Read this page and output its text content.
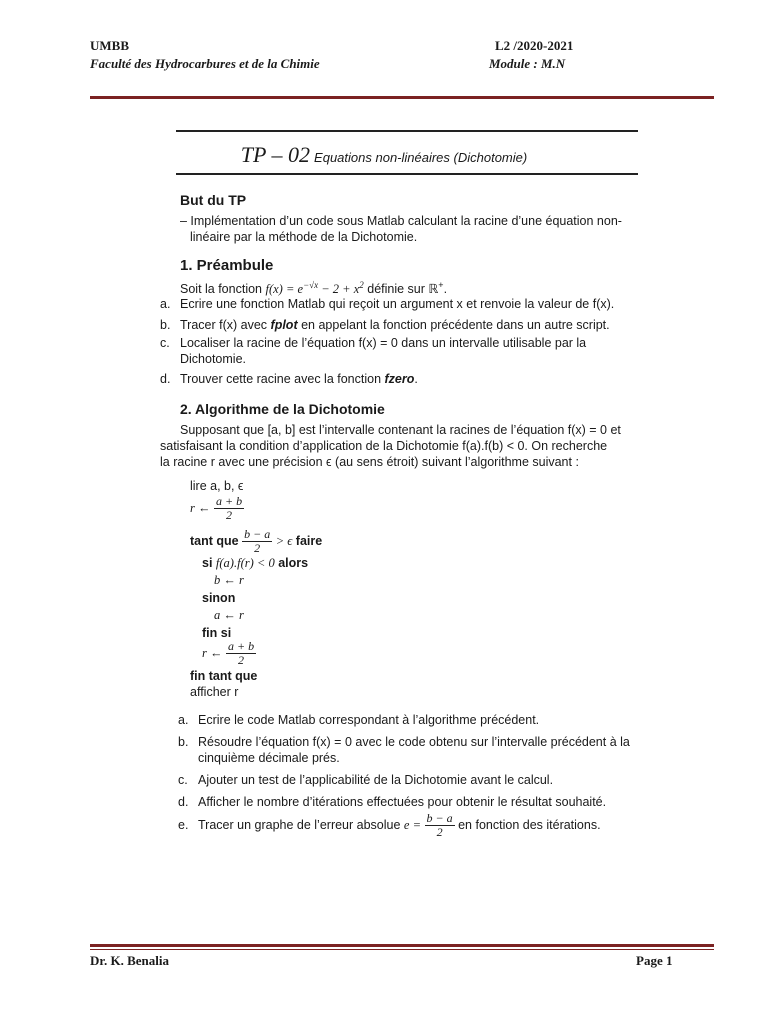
UMBB
Faculté des Hydrocarbures et de la Chimie
L2 /2020-2021
Module : M.N
TP – 02 Equations non-linéaires (Dichotomie)
But du TP
– Implémentation d’un code sous Matlab calculant la racine d’une équation non-
linéaire par la méthode de la Dichotomie.
1. Préambule
Soit la fonction $f(x) = e^{-√x} - 2 + x^2$ définie sur ℝ+.
a. Ecrire une fonction Matlab qui reçoit un argument x et renvoie la valeur de f(x).
b. Tracer f(x) avec fplot en appelant la fonction précédente dans un autre script.
c. Localiser la racine de l’équation f(x) = 0 dans un intervalle utilisable par la
Dichotomie.
d. Trouver cette racine avec la fonction fzero.
2. Algorithme de la Dichotomie
Supposant que [a, b] est l’intervalle contenant la racines de l’équation f(x) = 0 et
satisfaisant la condition d’application de la Dichotomie f(a).f(b) < 0. On recherche
la racine r avec une précision ϵ (au sens étroit) suivant l’algorithme suivant :
lire a, b, ϵ
r ← $\frac{a + b}{2}$
tant que $\frac{b - a}{2} > \epsilon$ faire
si f(a).f(r) < 0 alors
b ← r
sinon
a ← r
fin si
r ← $\frac{a + b}{2}$
fin tant que
afficher r
a. Ecrire le code Matlab correspondant à l’algorithme précédent.
b. Résoudre l’équation f(x) = 0 avec le code obtenu sur l’intervalle précédent à la
cinquième décimale prés.
c. Ajouter un test de l’applicabilité de la Dichotomie avant le calcul.
d. Afficher le nombre d’itérations effectuées pour obtenir le résultat souhaité.
e. Tracer un graphe de l’erreur absolue $e = \frac{b - a}{2}$ en fonction des itérations.
Dr. K. Benalia	Page 1
